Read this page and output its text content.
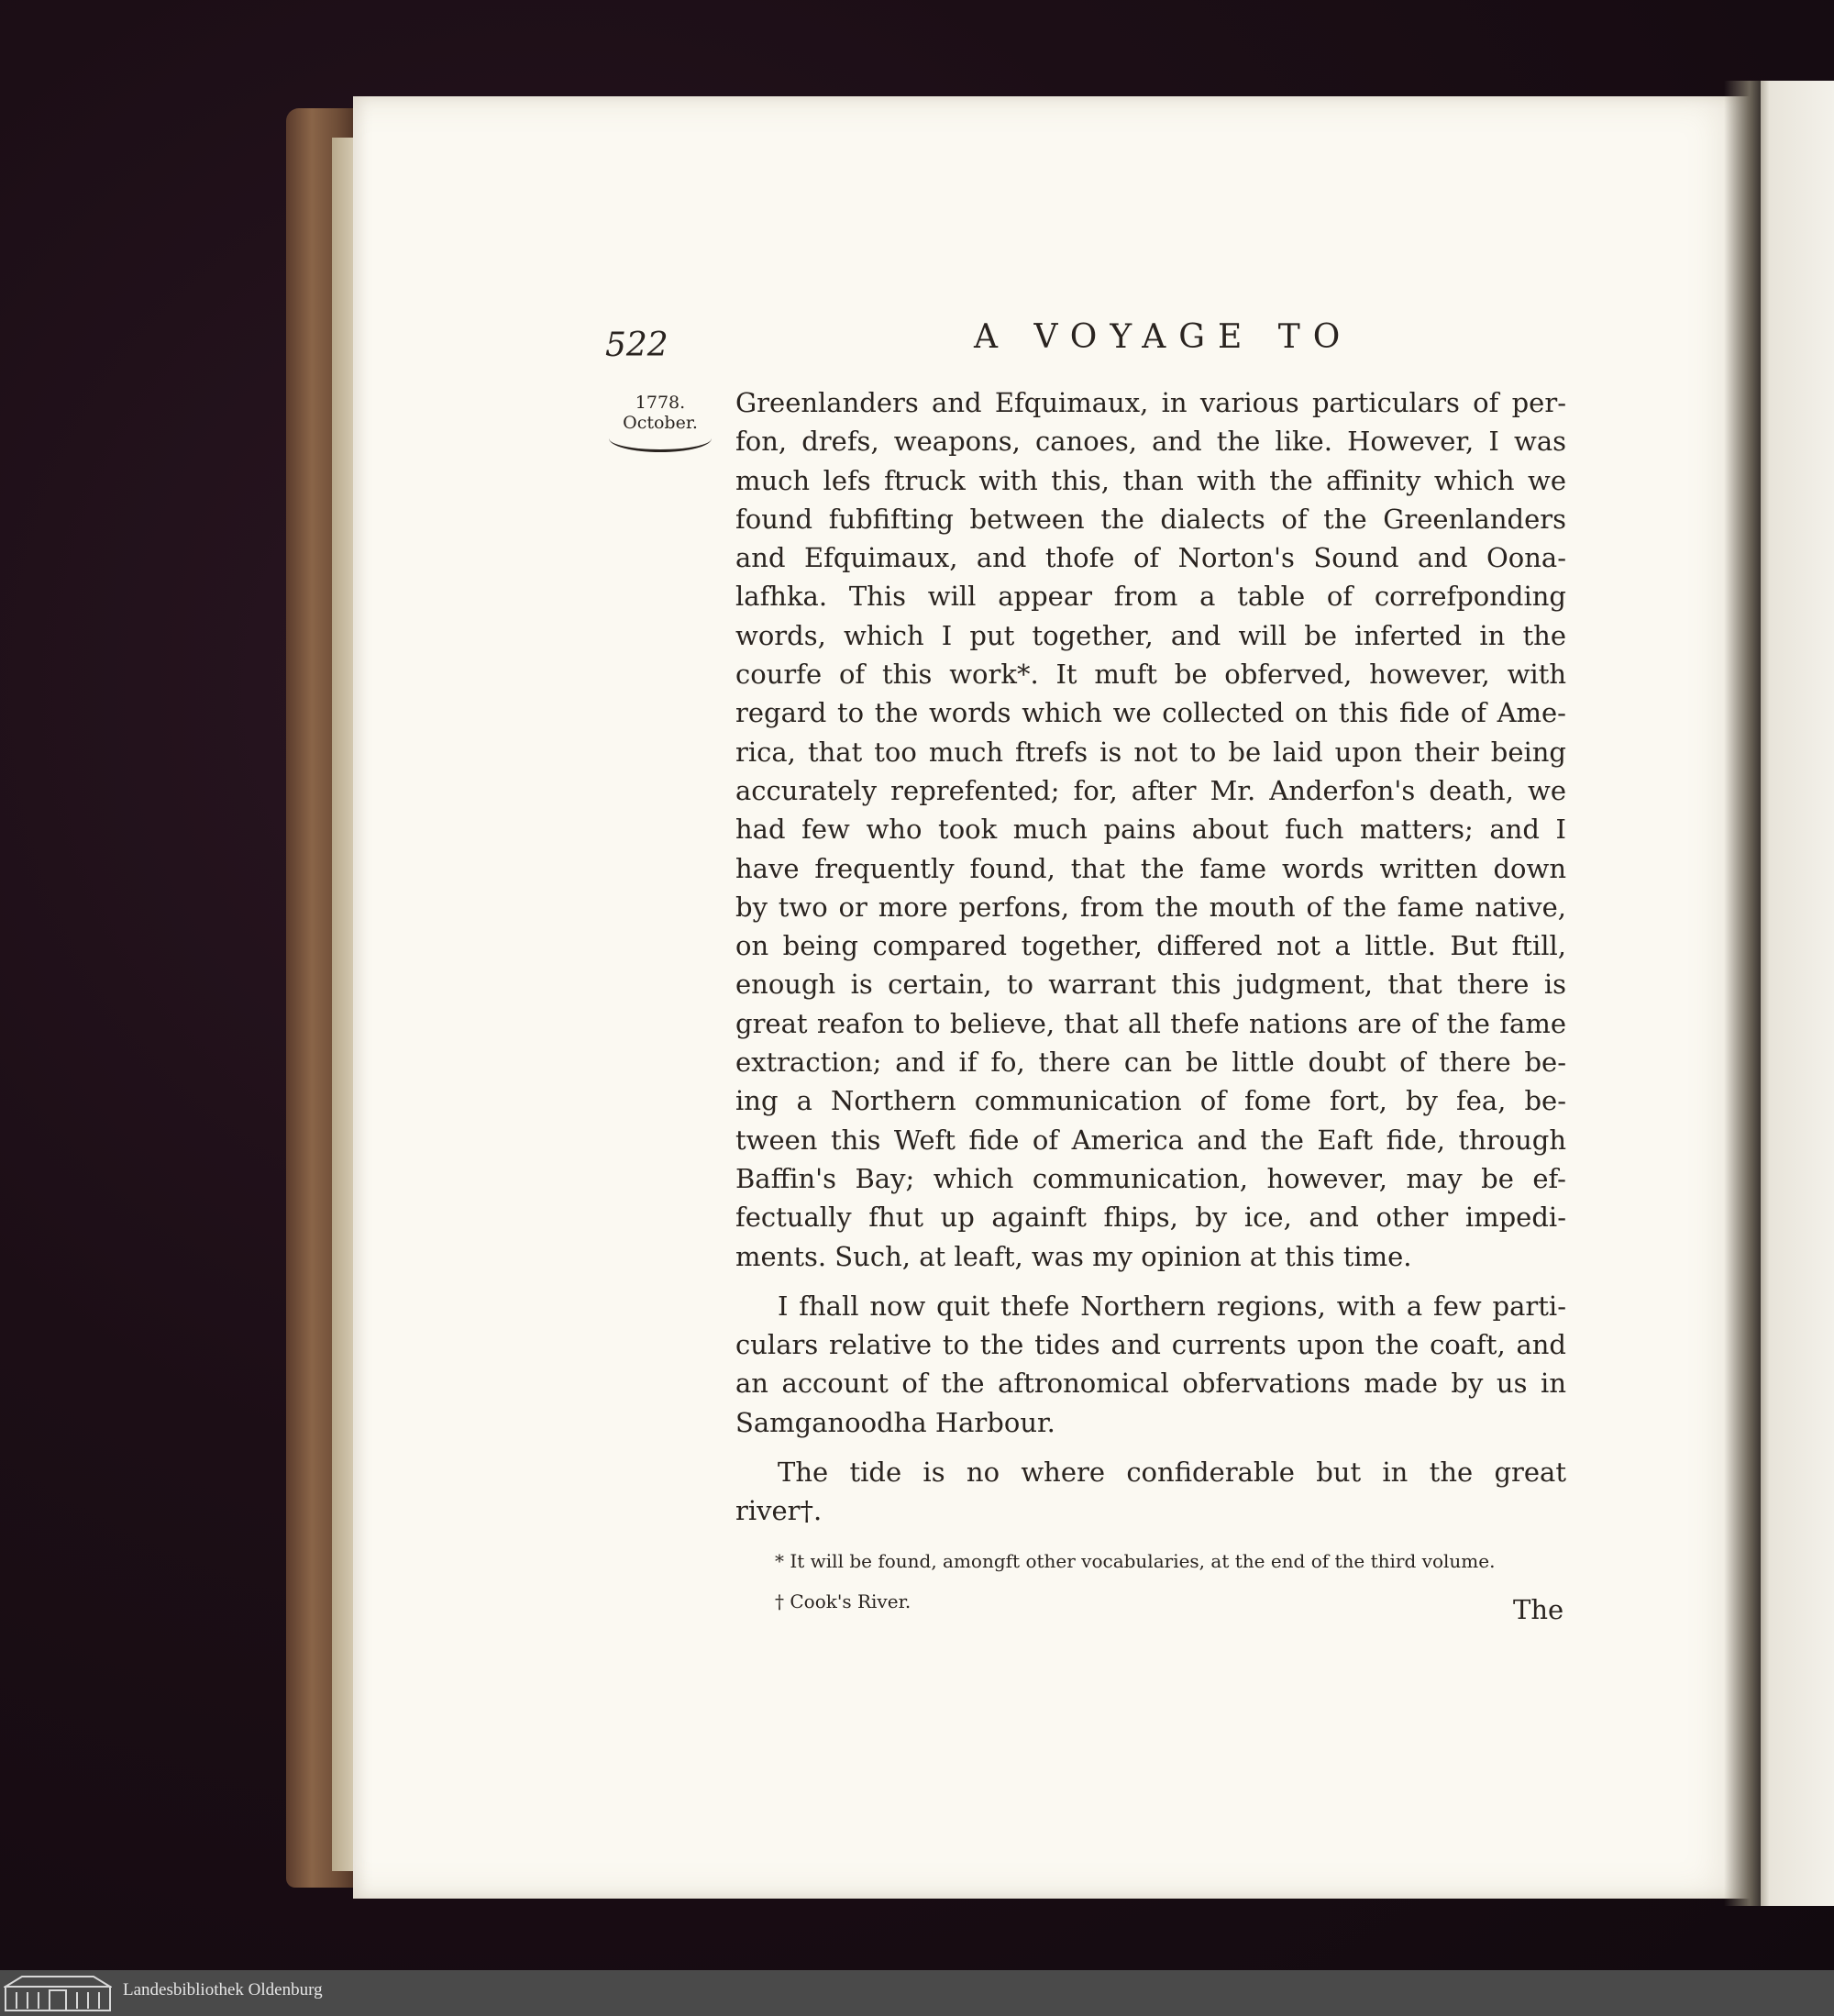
522	A VOYAGE TO
1778.
October.
Greenlanders and Efquimaux, in various particulars of per-
fon, drefs, weapons, canoes, and the like. However, I was
much lefs ftruck with this, than with the affinity which we
found fubfifting between the dialects of the Greenlanders
and Efquimaux, and thofe of Norton's Sound and Oona-
lafhka. This will appear from a table of correfponding
words, which I put together, and will be inferted in the
courfe of this work*. It muft be obferved, however, with
regard to the words which we collected on this fide of Ame-
rica, that too much ftrefs is not to be laid upon their being
accurately reprefented; for, after Mr. Anderfon's death, we
had few who took much pains about fuch matters; and I
have frequently found, that the fame words written down
by two or more perfons, from the mouth of the fame native,
on being compared together, differed not a little. But ftill,
enough is certain, to warrant this judgment, that there is
great reafon to believe, that all thefe nations are of the fame
extraction; and if fo, there can be little doubt of there be-
ing a Northern communication of fome fort, by fea, be-
tween this Weft fide of America and the Eaft fide, through
Baffin's Bay; which communication, however, may be ef-
fectually fhut up againft fhips, by ice, and other impedi-
ments. Such, at leaft, was my opinion at this time.
I fhall now quit thefe Northern regions, with a few parti-
culars relative to the tides and currents upon the coaft, and
an account of the aftronomical obfervations made by us in
Samganoodha Harbour.
The tide is no where confiderable but in the great
river†.
* It will be found, amongft other vocabularies, at the end of the third volume.
† Cook's River.	The
Landesbibliothek Oldenburg
